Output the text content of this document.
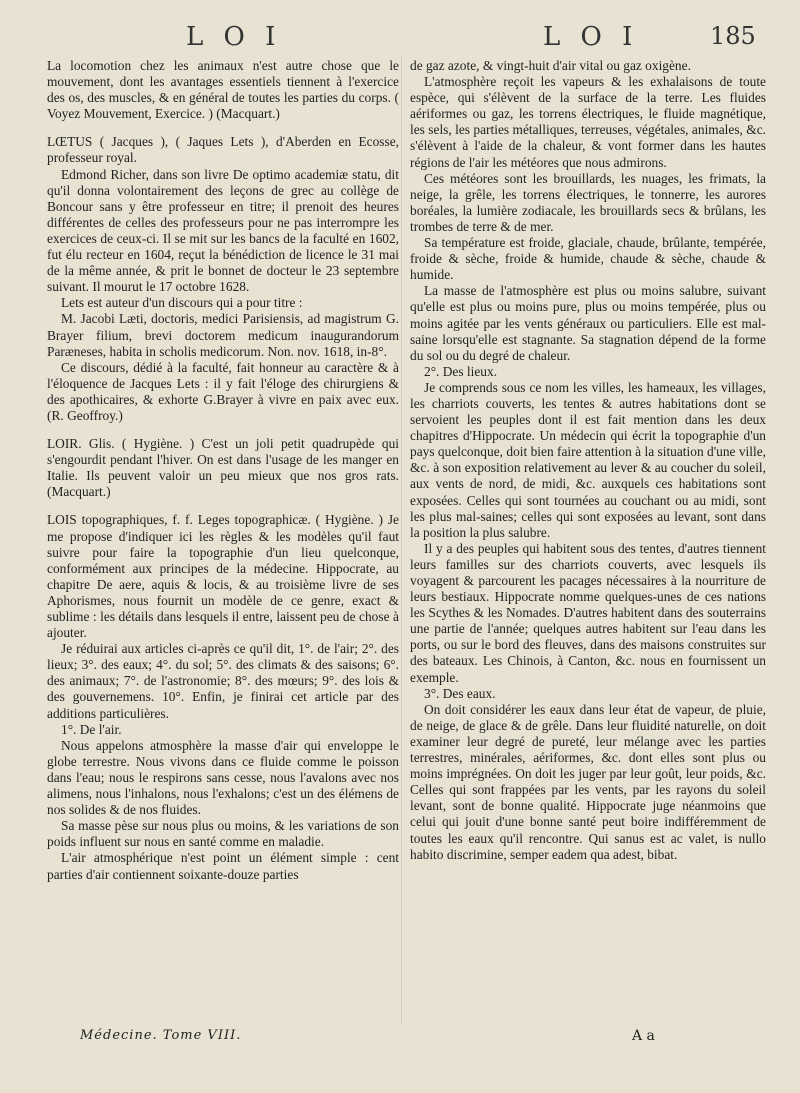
L O I	L O I	185

La locomotion chez les animaux n'est autre chose que le mouvement, dont les avantages essentiels tiennent à l'exercice des os, des muscles, & en général de toutes les parties du corps. ( Voyez Mouvement, Exercice. ) (Macquart.)

LŒTUS ( Jacques ), ( Jaques Lets ), d'Aberden en Ecosse, professeur royal.

Edmond Richer, dans son livre De optimo academiæ statu, dit qu'il donna volontairement des leçons de grec au collège de Boncour sans y être professeur en titre; il prenoit des heures différentes de celles des professeurs pour ne pas interrompre les exercices de ceux-ci. Il se mit sur les bancs de la faculté en 1602, fut élu recteur en 1604, reçut la bénédiction de licence le 31 mai de la même année, & prit le bonnet de docteur le 23 septembre suivant. Il mourut le 17 octobre 1628.

Lets est auteur d'un discours qui a pour titre :

M. Jacobi Læti, doctoris, medici Parisiensis, ad magistrum G. Brayer filium, brevi doctorem medicum inaugurandorum Paræneses, habita in scholis medicorum. Non. nov. 1618, in-8°.

Ce discours, dédié à la faculté, fait honneur au caractère & à l'éloquence de Jacques Lets : il y fait l'éloge des chirurgiens & des apothicaires, & exhorte G.Brayer à vivre en paix avec eux. (R. Geoffroy.)

LOIR. Glis. ( Hygiène. ) C'est un joli petit quadrupède qui s'engourdit pendant l'hiver. On est dans l'usage de les manger en Italie. Ils peuvent valoir un peu mieux que nos gros rats. (Macquart.)

LOIS topographiques, f. f. Leges topographicæ. ( Hygiène. ) Je me propose d'indiquer ici les règles & les modèles qu'il faut suivre pour faire la topographie d'un lieu quelconque, conformément aux principes de la médecine. Hippocrate, au chapitre De aere, aquis & locis, & au troisième livre de ses Aphorismes, nous fournit un modèle de ce genre, exact & sublime : les détails dans lesquels il entre, laissent peu de chose à ajouter.

Je réduirai aux articles ci-après ce qu'il dit, 1°. de l'air; 2°. des lieux; 3°. des eaux; 4°. du sol; 5°. des climats & des saisons; 6°. des animaux; 7°. de l'astronomie; 8°. des mœurs; 9°. des lois & des gouvernemens. 10°. Enfin, je finirai cet article par des additions particulières.

1°. De l'air.

Nous appelons atmosphère la masse d'air qui enveloppe le globe terrestre. Nous vivons dans ce fluide comme le poisson dans l'eau; nous le respirons sans cesse, nous l'avalons avec nos alimens, nous l'inhalons, nous l'exhalons; c'est un des élémens de nos solides & de nos fluides.

Sa masse pèse sur nous plus ou moins, & les variations de son poids influent sur nous en santé comme en maladie.

L'air atmosphérique n'est point un élément simple : cent parties d'air contiennent soixante-douze parties

de gaz azote, & vingt-huit d'air vital ou gaz oxigène.

L'atmosphère reçoit les vapeurs & les exhalaisons de toute espèce, qui s'élèvent de la surface de la terre. Les fluides aériformes ou gaz, les torrens électriques, le fluide magnétique, les sels, les parties métalliques, terreuses, végétales, animales, &c. s'élèvent à l'aide de la chaleur, & vont former dans les hautes régions de l'air les météores que nous admirons.

Ces météores sont les brouillards, les nuages, les frimats, la neige, la grêle, les torrens électriques, le tonnerre, les aurores boréales, la lumière zodiacale, les brouillards secs & brûlans, les trombes de terre & de mer.

Sa température est froide, glaciale, chaude, brûlante, tempérée, froide & sèche, froide & humide, chaude & sèche, chaude & humide.

La masse de l'atmosphère est plus ou moins salubre, suivant qu'elle est plus ou moins pure, plus ou moins tempérée, plus ou moins agitée par les vents généraux ou particuliers. Elle est mal-saine lorsqu'elle est stagnante. Sa stagnation dépend de la forme du sol ou du degré de chaleur.

2°. Des lieux.

Je comprends sous ce nom les villes, les hameaux, les villages, les charriots couverts, les tentes & autres habitations dont se servoient les peuples dont il est fait mention dans les deux chapitres d'Hippocrate. Un médecin qui écrit la topographie d'un pays quelconque, doit bien faire attention à la situation d'une ville, &c. à son exposition relativement au lever & au coucher du soleil, aux vents de nord, de midi, &c. auxquels ces habitations sont exposées. Celles qui sont tournées au couchant ou au midi, sont les plus mal-saines; celles qui sont exposées au levant, sont dans la position la plus salubre.

Il y a des peuples qui habitent sous des tentes, d'autres tiennent leurs familles sur des charriots couverts, avec lesquels ils voyagent & parcourent les pacages nécessaires à la nourriture de leurs bestiaux. Hippocrate nomme quelques-unes de ces nations les Scythes & les Nomades. D'autres habitent dans des souterrains une partie de l'année; quelques autres habitent sur l'eau dans les ports, ou sur le bord des fleuves, dans des maisons construites sur des bateaux. Les Chinois, à Canton, &c. nous en fournissent un exemple.

3°. Des eaux.

On doit considérer les eaux dans leur état de vapeur, de pluie, de neige, de glace & de grêle. Dans leur fluidité naturelle, on doit examiner leur degré de pureté, leur mélange avec les parties terrestres, minérales, aériformes, &c. dont elles sont plus ou moins imprégnées. On doit les juger par leur goût, leur poids, &c. Celles qui sont frappées par les vents, par les rayons du soleil levant, sont de bonne qualité. Hippocrate juge néanmoins que celui qui jouit d'une bonne santé peut boire indifféremment de toutes les eaux qu'il rencontre. Qui sanus est ac valet, is nullo habito discrimine, semper eadem qua adest, bibat.

Médecine. Tome VIII.	A a
